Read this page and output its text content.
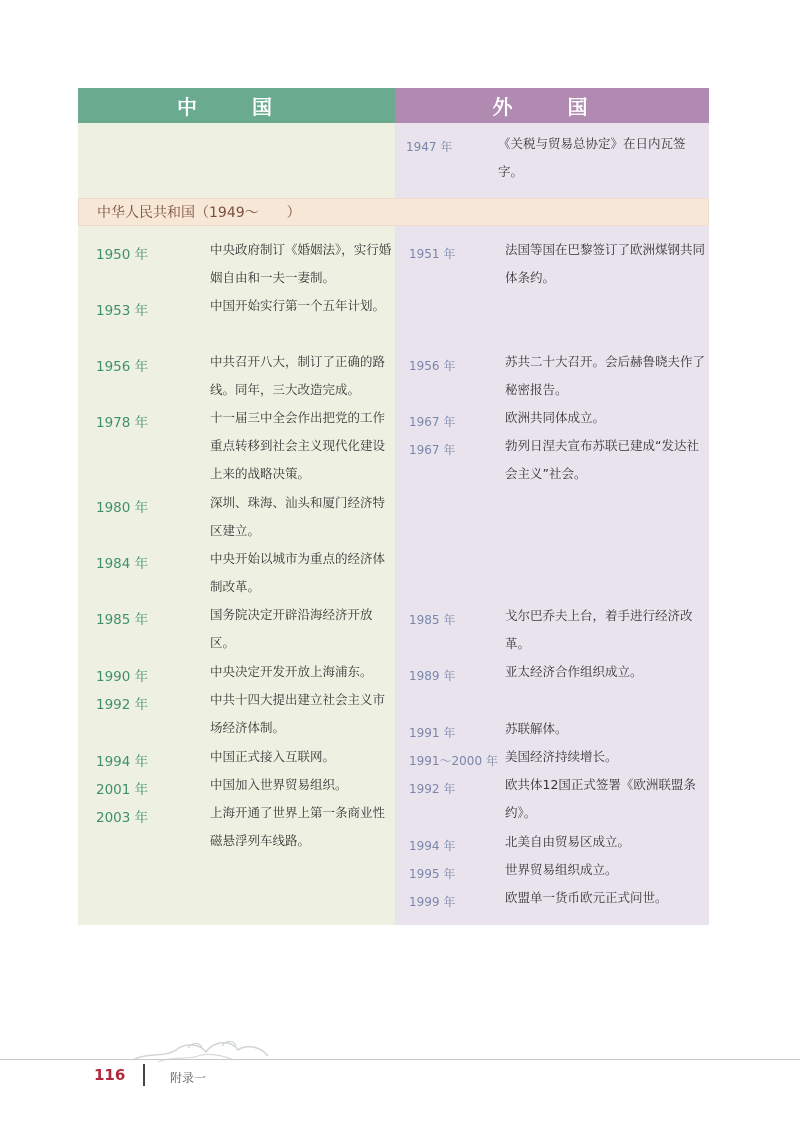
中 国	外 国
1947 年	《关税与贸易总协定》在日内瓦签字。
中华人民共和国（1949～　　）
1950 年	中央政府制订《婚姻法》，实行婚姻自由和一夫一妻制。
1953 年	中国开始实行第一个五年计划。
1956 年	中共召开八大，制订了正确的路线。同年，三大改造完成。
1978 年	十一届三中全会作出把党的工作重点转移到社会主义现代化建设上来的战略决策。
1980 年	深圳、珠海、汕头和厦门经济特区建立。
1984 年	中央开始以城市为重点的经济体制改革。
1985 年	国务院决定开辟沿海经济开放区。
1990 年	中央决定开发开放上海浦东。
1992 年	中共十四大提出建立社会主义市场经济体制。
1994 年	中国正式接入互联网。
2001 年	中国加入世界贸易组织。
2003 年	上海开通了世界上第一条商业性磁悬浮列车线路。
1951 年	法国等国在巴黎签订了欧洲煤钢共同体条约。
1956 年	苏共二十大召开。会后赫鲁晓夫作了秘密报告。
1967 年	欧洲共同体成立。
1967 年	勃列日涅夫宣布苏联已建成“发达社会主义”社会。
1985 年	戈尔巴乔夫上台，着手进行经济改革。
1989 年	亚太经济合作组织成立。
1991 年	苏联解体。
1991～2000 年 美国经济持续增长。
1992 年	欧共体12国正式签署《欧洲联盟条约》。
1994 年	北美自由贸易区成立。
1995 年	世界贸易组织成立。
1999 年	欧盟单一货币欧元正式问世。
116	附录一
